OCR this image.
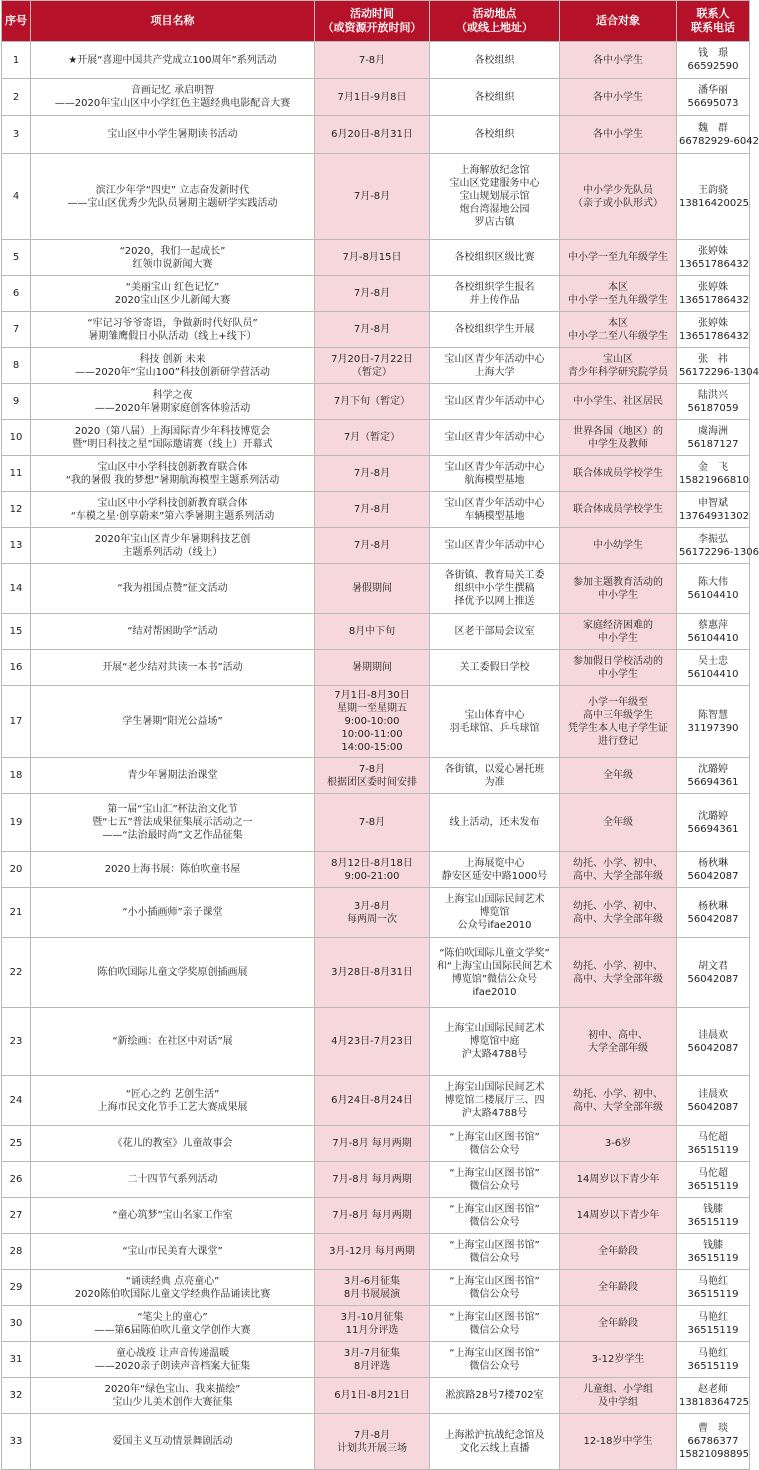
序号	项目名称	活动时间
（或资源开放时间）	活动地点
（或线上地址）	适合对象	联系人
联系电话

1	★开展“喜迎中国共产党成立100周年”系列活动	7-8月	各校组织	各中小学生	钱　璟
66592590

2	音画记忆 承启明智
——2020年宝山区中小学红色主题经典电影配音大赛	7月1日-9月8日	各校组织	各中小学生	潘华丽
56695073

3	宝山区中小学生暑期读书活动	6月20日-8月31日	各校组织	各中小学生	魏　群
66782929-6042

4	滨江少年学“四史” 立志奋发新时代
——宝山区优秀少先队员暑期主题研学实践活动	7月-8月	上海解放纪念馆
宝山区党建服务中心
宝山规划展示馆
炮台湾湿地公园
罗店古镇	中小学少先队员
（亲子或小队形式）	王韵骁
13816420025

5	“2020，我们一起成长”
红领巾说新闻大赛	7月-8月15日	各校组织区级比赛	中小学一至九年级学生	张婷姝
13651786432

6	“美丽宝山 红色记忆”
2020宝山区少儿新闻大赛	7月-8月	各校组织学生报名
并上传作品	本区
中小学一至九年级学生	张婷姝
13651786432

7	“牢记习爷爷寄语，争做新时代好队员”
暑期雏鹰假日小队活动（线上+线下）	7月-8月	各校组织学生开展	本区
中小学二至八年级学生	张婷姝
13651786432

8	科技 创新 未来
——2020年“宝山100”科技创新研学营活动	7月20日-7月22日
（暂定）	宝山区青少年活动中心
上海大学	宝山区
青少年科学研究院学员	张　祎
56172296-1304

9	科学之夜
——2020年暑期家庭创客体验活动	7月下旬（暂定）	宝山区青少年活动中心	中小学生、社区居民	陆洪兴
56187059

10	2020（第八届）上海国际青少年科技博览会
暨“明日科技之星”国际邀请赛（线上）开幕式	7月（暂定）	宝山区青少年活动中心	世界各国（地区）的
中学生及教师	虞海洲
56187127

11	宝山区中小学科技创新教育联合体
“我的暑假 我的梦想”暑期航海模型主题系列活动	7月-8月	宝山区青少年活动中心
航海模型基地	联合体成员学校学生	金　飞
15821966810

12	宝山区中小学科技创新教育联合体
“车模之星·创享蔚来”第六季暑期主题系列活动	7月-8月	宝山区青少年活动中心
车辆模型基地	联合体成员学校学生	申智斌
13764931302

13	2020年宝山区青少年暑期科技艺创
主题系列活动（线上）	7月-8月	宝山区青少年活动中心	中小幼学生	李振弘
56172296-1306

14	“我为祖国点赞”征文活动	暑假期间	各街镇、教育局关工委
组织中小学生撰稿
择优予以网上推送	参加主题教育活动的
中小学生	陈大伟
56104410

15	“结对帮困助学”活动	8月中下旬	区老干部局会议室	家庭经济困难的
中小学生	蔡惠萍
56104410

16	开展“老少结对共读一本书”活动	暑期期间	关工委假日学校	参加假日学校活动的
中小学生	吴士忠
56104410

17	学生暑期“阳光公益场”	7月1日-8月30日
星期一至星期五
9:00-10:00
10:00-11:00
14:00-15:00	宝山体育中心
羽毛球馆、乒乓球馆	小学一年级至
高中三年级学生
凭学生本人电子学生证
进行登记	陈智慧
31197390

18	青少年暑期法治课堂	7-8月
根据团区委时间安排	各街镇，以爱心暑托班
为准	全年级	沈璐婷
56694361

19	第一届“宝山汇”杯法治文化节
暨“七五”普法成果征集展示活动之一
——“法治最时尚”文艺作品征集	7-8月	线上活动，还未发布	全年级	沈璐婷
56694361

20	2020上海书展：陈伯吹童书屋	8月12日-8月18日
9:00-21:00	上海展览中心
静安区延安中路1000号	幼托、小学、初中、
高中、大学全部年级	杨秋琳
56042087

21	“小小插画师”亲子课堂	3月-8月
每两周一次	上海宝山国际民间艺术
博览馆
公众号ifae2010	幼托、小学、初中、
高中、大学全部年级	杨秋琳
56042087

22	陈伯吹国际儿童文学奖原创插画展	3月28日-8月31日	“陈伯吹国际儿童文学奖”
和“上海宝山国际民间艺术
博览馆”微信公众号
ifae2010	幼托、小学、初中、
高中、大学全部年级	胡文君
56042087

23	“新绘画：在社区中对话”展	4月23日-7月23日	上海宝山国际民间艺术
博览馆中庭
沪太路4788号	初中、高中、
大学全部年级	诖晨欢
56042087

24	“匠心之约 艺创生活”
上海市民文化节手工艺大赛成果展	6月24日-8月24日	上海宝山国际民间艺术
博览馆二楼展厅三、四
沪太路4788号	幼托、小学、初中、
高中、大学全部年级	诖晨欢
56042087

25	《花儿的教室》儿童故事会	7月-8月 每月两期	“上海宝山区图书馆”
微信公众号	3-6岁	马佗超
36515119

26	二十四节气系列活动	7月-8月 每月两期	“上海宝山区图书馆”
微信公众号	14周岁以下青少年	马佗超
36515119

27	“童心筑梦”宝山名家工作室	7月-8月 每月两期	“上海宝山区图书馆”
微信公众号	14周岁以下青少年	钱膝
36515119

28	“宝山市民美育大课堂”	3月-12月 每月两期	“上海宝山区图书馆”
微信公众号	全年龄段	钱膝
36515119

29	“诵读经典 点亮童心”
2020陈伯吹国际儿童文学经典作品诵读比赛	3月-6月征集
8月书展展演	“上海宝山区图书馆”
微信公众号	全年龄段	马艳红
36515119

30	“笔尖上的童心”
——第6届陈伯吹儿童文学创作大赛	3月-10月征集
11月分评选	“上海宝山区图书馆”
微信公众号	全年龄段	马艳红
36515119

31	童心战疫 让声音传递温暖
——2020亲子朗读声音档案大征集	3月-7月征集
8月评选	“上海宝山区图书馆”
微信公众号	3-12岁学生	马艳红
36515119

32	2020年“绿色宝山、我来描绘”
宝山少儿美术创作大赛征集	6月1日-8月21日	淞滨路28号7楼702室	儿童组、小学组
及中学组	赵老师
13818364725

33	爱国主义互动情景舞剧活动	7月-8月
计划共开展三场	上海淞沪抗战纪念馆及
文化云线上直播	12-18岁中学生	曹　琰
66786377
15821098895
